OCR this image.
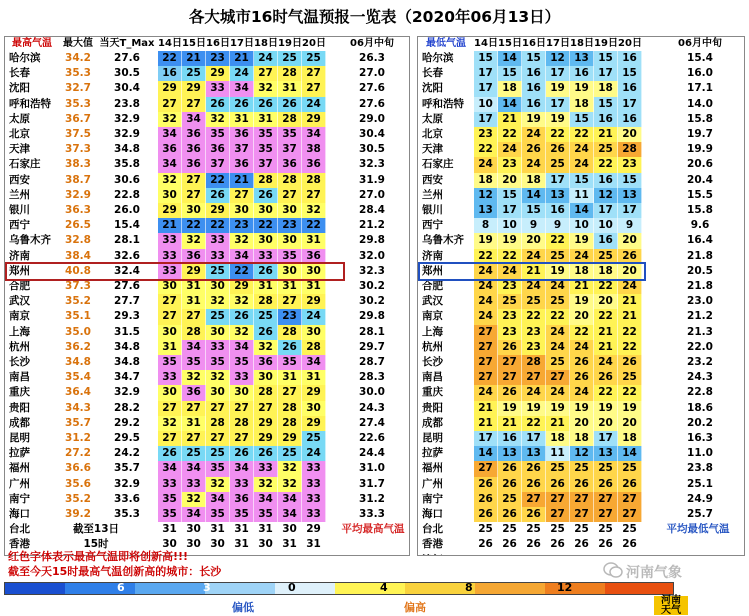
各大城市16时气温预报一览表（2020年06月13日）
最高气温	最大值 当天T_Max 14日 15日 16日 17日 18日 19日 20日	06月中旬
哈尔滨	34.2	27.6	22 21 23 21 24 25 25	26.3
长春	35.3	30.5	16 25 29 24 27 28 27	27.0
沈阳	32.7	30.4	29 29 33 34 32 31 27	27.6
呼和浩特	35.3	23.8	27 27 26 26 26 26 24	27.6
太原	36.7	32.9	32 34 32 31 31 28 29	29.0
北京	37.5	32.9	34 36 35 36 35 35 34	30.4
天津	37.3	34.8	36 36 36 37 35 37 38	30.5
石家庄	38.3	35.8	34 36 37 36 37 36 36	32.3
西安	38.7	30.6	32 27 22 21 28 28 28	31.9
兰州	32.9	22.8	30 27 26 27 26 27 27	27.0
银川	36.3	26.0	29 30 29 30 30 30 32	28.4
西宁	26.5	15.4	21 22 22 23 22 23 22	21.2
乌鲁木齐	32.8	28.1	33 32 33 32 30 30 31	29.8
济南	38.4	32.6	33 36 33 34 33 35 36	32.0
郑州	40.8	32.4	33 29 25 22 26 30 30	32.3
合肥	37.3	27.6	30 31 30 29 31 31 31	30.2
武汉	35.2	27.7	27 31 32 32 28 27 29	30.2
南京	35.1	29.3	27 27 25 26 25 23 24	29.8
上海	35.0	31.5	30 28 30 32 26 28 30	28.1
杭州	36.2	34.8	31 34 33 34 32 26 28	29.7
长沙	34.8	34.8	35 35 35 35 36 35 34	28.7
南昌	35.4	34.7	33 32 32 33 30 31 31	28.3
重庆	36.4	32.9	30 36 30 30 28 27 29	30.0
贵阳	34.3	28.2	27 27 27 27 27 28 30	24.3
成都	35.7	29.2	32 31 28 28 29 28 29	27.4
昆明	31.2	29.5	27 27 27 27 29 29 25	22.6
拉萨	27.2	24.2	26 25 25 26 26 25 24	24.4
福州	36.6	35.7	34 34 35 34 33 32 33	31.0
广州	35.6	32.9	33 33 32 33 32 32 33	31.7
南宁	35.2	33.6	35 32 34 36 34 34 33	31.2
海口	39.2	35.3	35 34 35 35 35 34 33	33.3
台北	截至13日	31 30 31 31 31 30 29	平均最高气温
香港	15时	30 30 30 31 30 31 31
最低气温 14日 15日 16日 17日 18日 19日 20日	06月中旬
哈尔滨	15 14 15 12 13 15 16	15.4
长春	17 15 16 17 16 17 15	16.0
沈阳	17 18 16 19 19 18 16	17.1
呼和浩特	10 14 16 17 18 15 17	14.0
太原	17 21 19 19 15 16 16	15.8
北京	23 22 24 22 22 21 20	19.7
天津	22 24 26 26 24 25 28	19.9
石家庄	24 23 24 25 24 22 23	20.6
西安	18 20 18 17 15 16 15	20.4
兰州	12 15 14 13 11 12 13	15.5
银川	13 17 15 16 14 17 17	15.8
西宁	8	10	9	9	10 10	9	9.6
乌鲁木齐	19 19 20 22 19 16 20	16.4
济南	22 22 24 25 24 25 26	21.8
郑州	24 24 21 19 18 18 20	20.5
合肥	24 23 24 24 21 22 24	21.8
武汉	24 25 25 25 19 20 21	23.0
南京	24 23 22 22 20 22 21	21.2
上海	27 23 23 24 22 21 22	21.3
杭州	27 26 23 24 24 21 22	22.0
长沙	27 27 28 25 26 24 26	23.2
南昌	27 27 27 27 26 26 25	24.3
重庆	24 26 24 24 24 22 22	22.8
贵阳	21 19 19 19 19 19 19	18.6
成都	21 21 22 21 20 20 20	20.2
昆明	17 16 17 18 18 17 18	16.3
拉萨	14 13 13 11 12 13 14	11.0
福州	27 26 26 25 25 25 25	23.8
广州	26 26 26 26 26 26 26	25.1
南宁	26 25 27 27 27 27 27	24.9
海口	26 26 26 27 27 27 27	25.7
台北	25 25 25 25 25 25 25	平均最低气温
香港	26 26 26 26 26 26 26
红色字体表示最高气温即将创新高!!!
截至今天15时最高气温创新高的城市：长沙	河南气象
6	3	0	4	8	12
偏低	偏高
河南
天气
